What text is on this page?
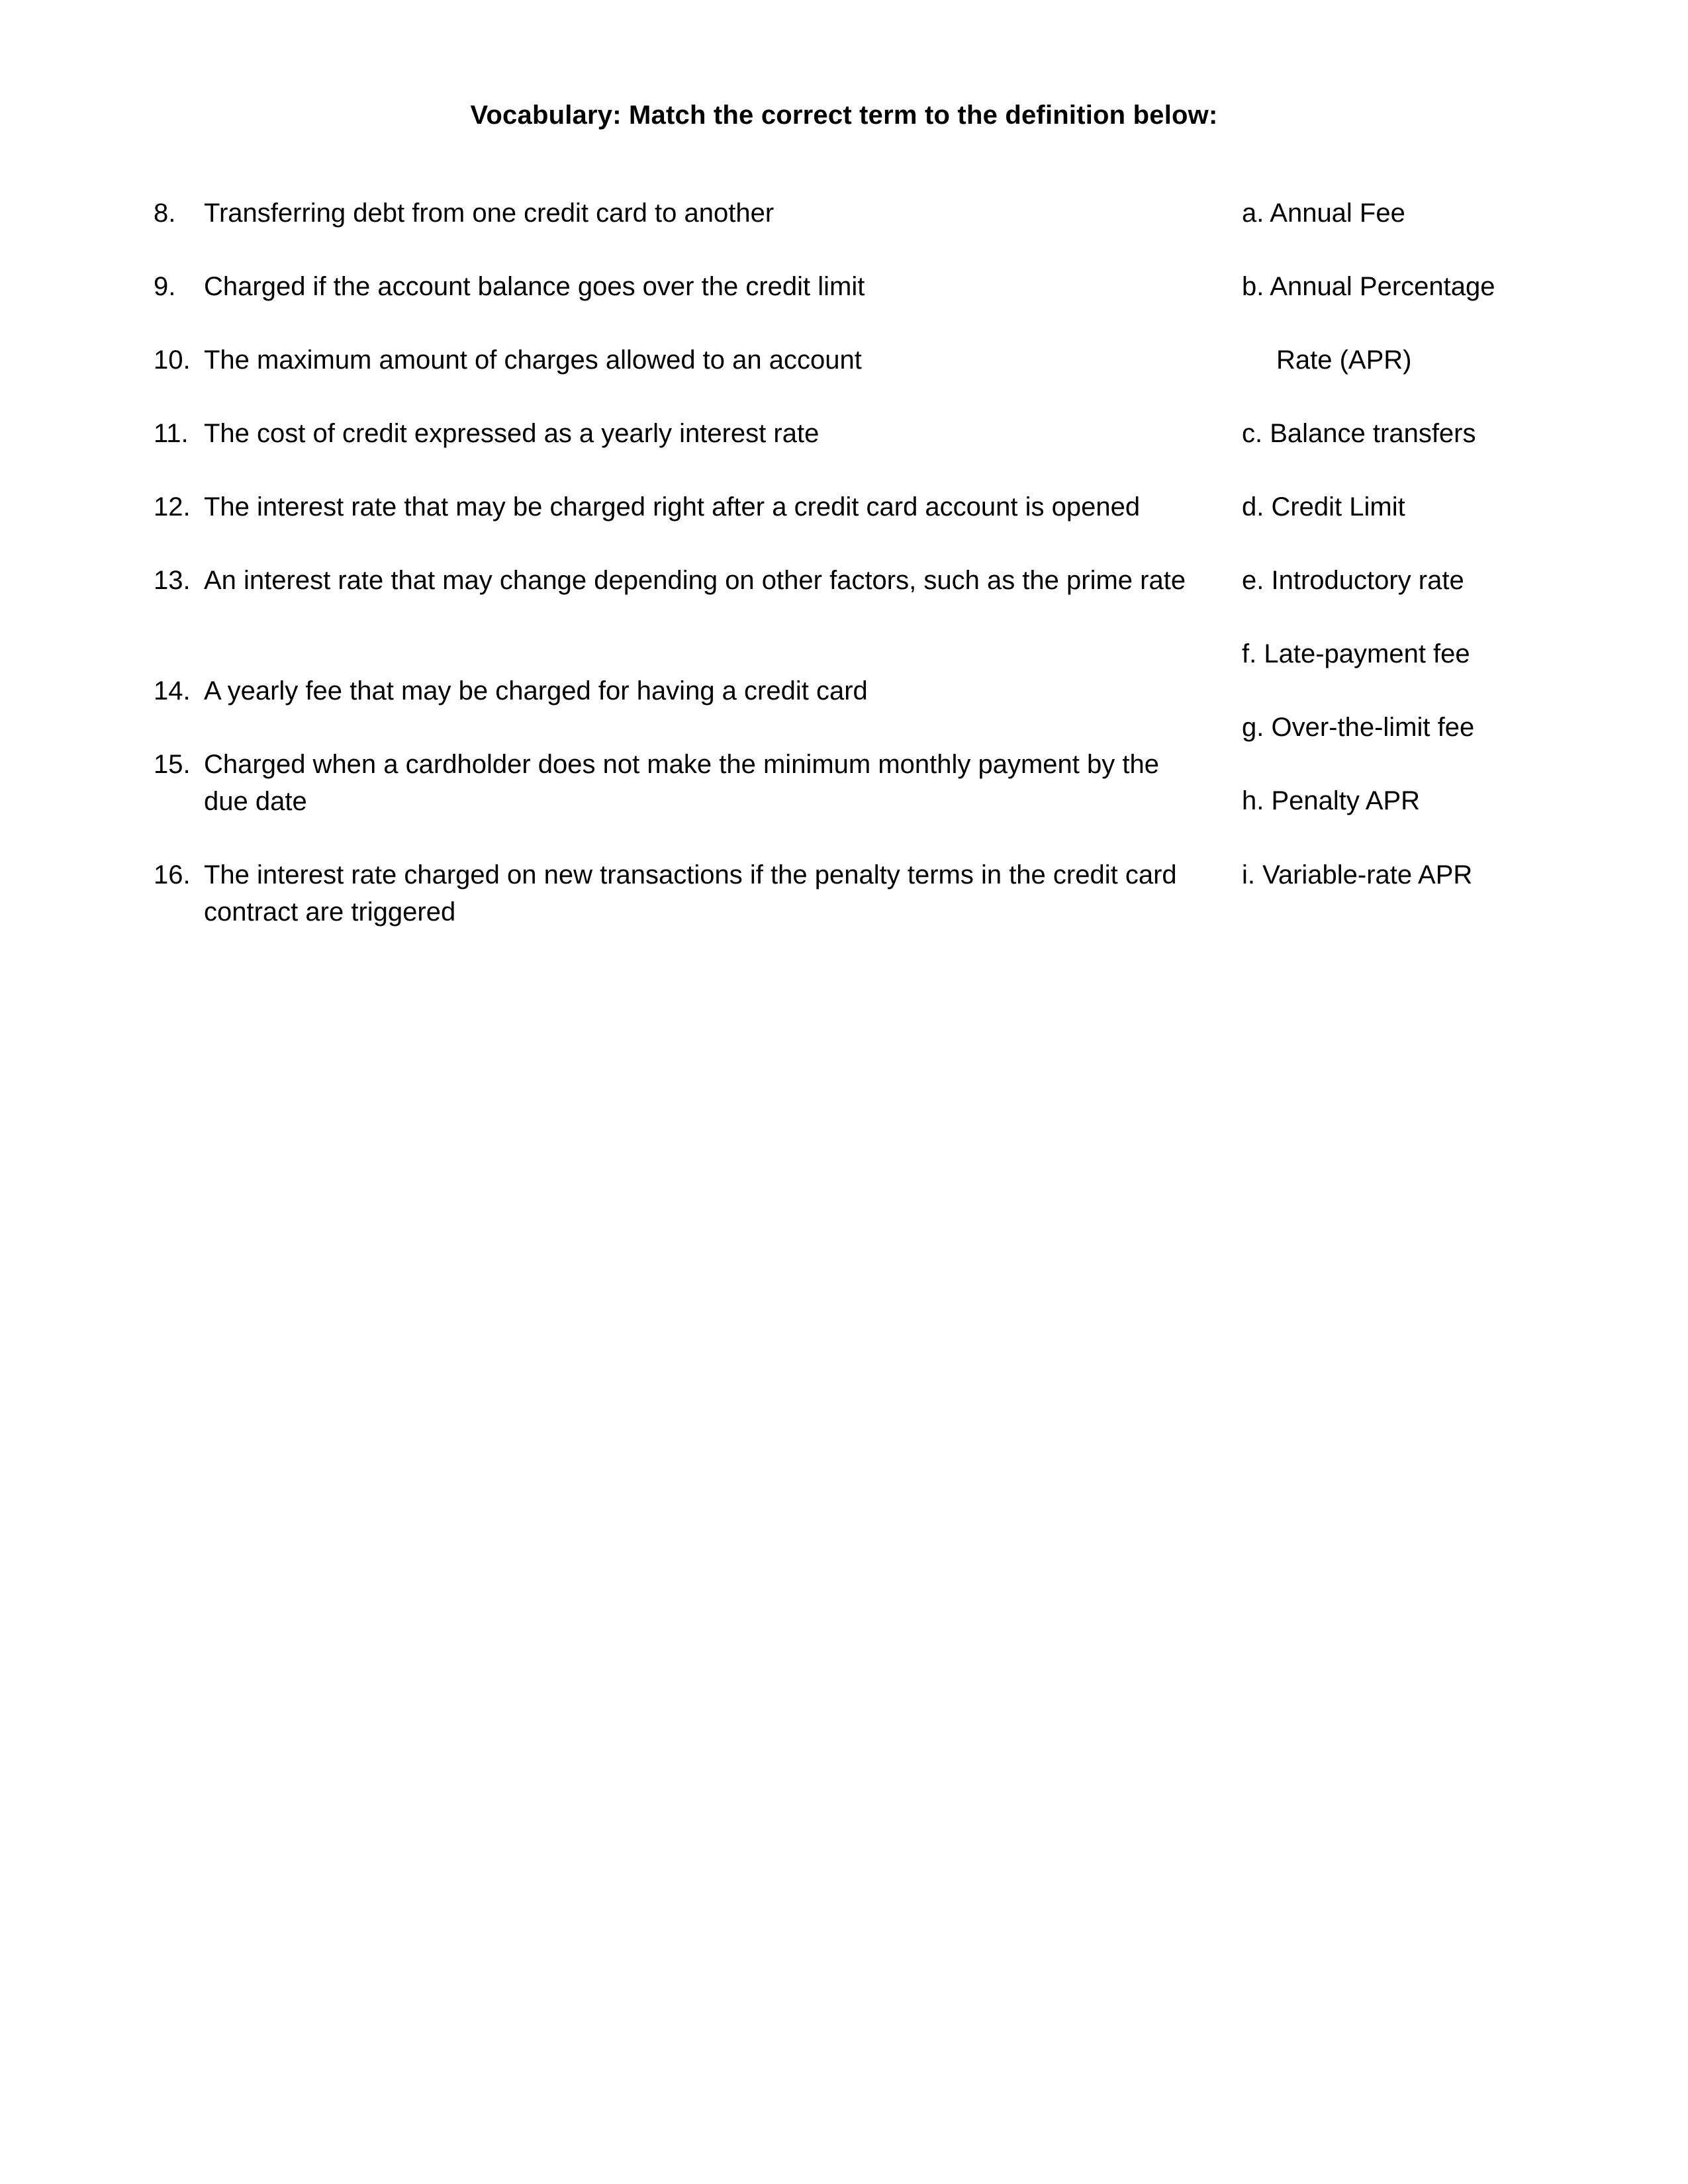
Vocabulary: Match the correct term to the definition below:
8. Transferring debt from one credit card to another
9. Charged if the account balance goes over the credit limit
10. The maximum amount of charges allowed to an account
11. The cost of credit expressed as a yearly interest rate
12. The interest rate that may be charged right after a credit card account is opened
13. An interest rate that may change depending on other factors, such as the prime rate
14. A yearly fee that may be charged for having a credit card
15. Charged when a cardholder does not make the minimum monthly payment by the due date
16. The interest rate charged on new transactions if the penalty terms in the credit card contract are triggered
a. Annual Fee
b. Annual Percentage
Rate (APR)
c. Balance transfers
d. Credit Limit
e. Introductory rate
f. Late-payment fee
g. Over-the-limit fee
h. Penalty APR
i. Variable-rate APR
